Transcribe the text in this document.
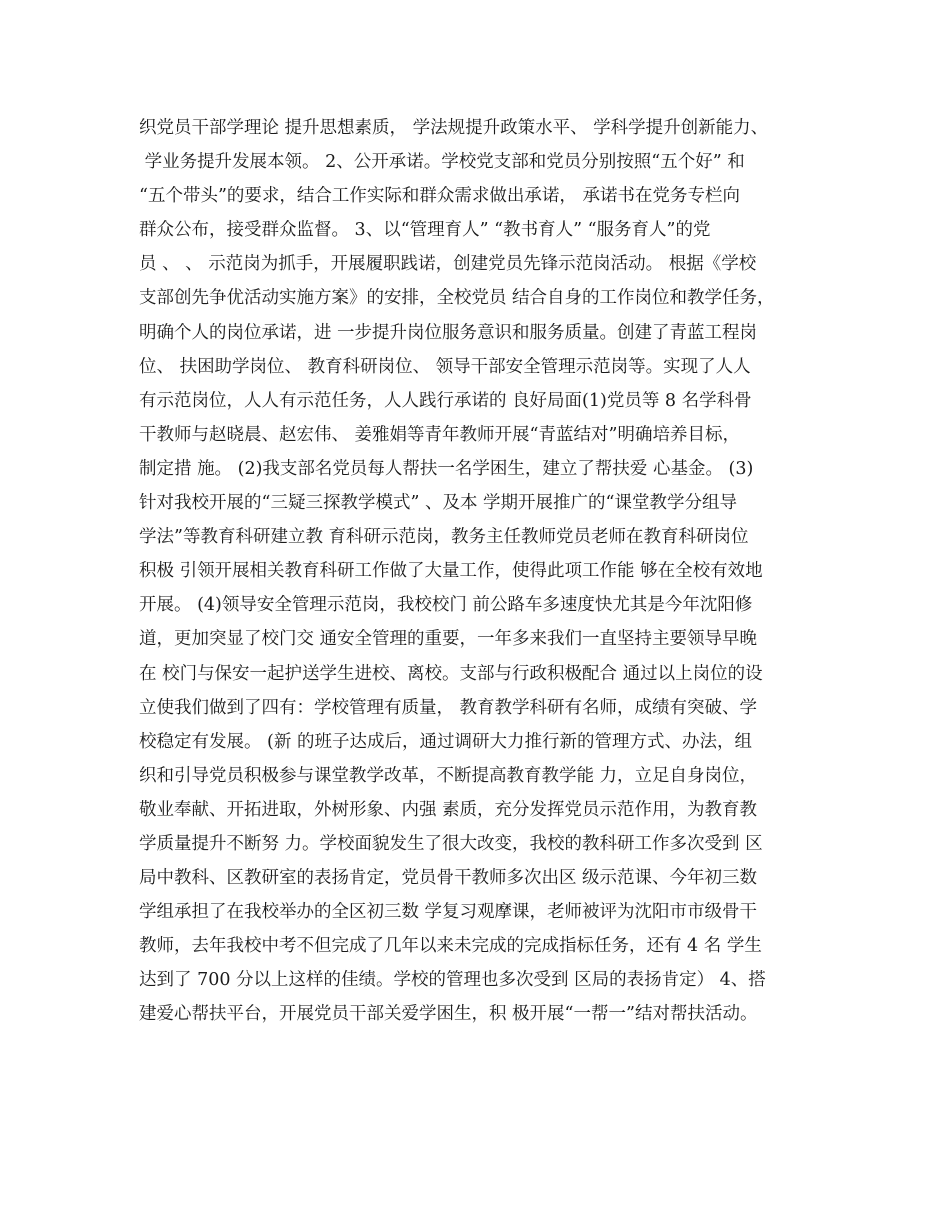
织党员干部学理论 提升思想素质， 学法规提升政策水平、 学科学提升创新能力、
学业务提升发展本领。 2、公开承诺。学校党支部和党员分别按照“五个好” 和
“五个带头”的要求，结合工作实际和群众需求做出承诺， 承诺书在党务专栏向
群众公布，接受群众监督。 3、以“管理育人” “教书育人” “服务育人”的党
员 、 、 示范岗为抓手，开展履职践诺，创建党员先锋示范岗活动。 根据《学校
支部创先争优活动实施方案》的安排，全校党员 结合自身的工作岗位和教学任务，
明确个人的岗位承诺，进 一步提升岗位服务意识和服务质量。创建了青蓝工程岗
位、 扶困助学岗位、 教育科研岗位、 领导干部安全管理示范岗等。实现了人人
有示范岗位，人人有示范任务，人人践行承诺的 良好局面(1)党员等 8 名学科骨
干教师与赵晓晨、赵宏伟、 姜雅娟等青年教师开展“青蓝结对”明确培养目标，
制定措 施。 (2)我支部名党员每人帮扶一名学困生，建立了帮扶爱 心基金。 (3)
针对我校开展的“三疑三探教学模式” 、及本 学期开展推广的“课堂教学分组导
学法”等教育科研建立教 育科研示范岗，教务主任教师党员老师在教育科研岗位
积极 引领开展相关教育科研工作做了大量工作，使得此项工作能 够在全校有效地
开展。 (4)领导安全管理示范岗，我校校门 前公路车多速度快尤其是今年沈阳修
道，更加突显了校门交 通安全管理的重要，一年多来我们一直坚持主要领导早晚
在 校门与保安一起护送学生进校、离校。支部与行政积极配合 通过以上岗位的设
立使我们做到了四有：学校管理有质量， 教育教学科研有名师，成绩有突破、学
校稳定有发展。 (新 的班子达成后，通过调研大力推行新的管理方式、办法，组
织和引导党员积极参与课堂教学改革，不断提高教育教学能 力，立足自身岗位，
敬业奉献、开拓进取，外树形象、内强 素质，充分发挥党员示范作用，为教育教
学质量提升不断努 力。学校面貌发生了很大改变，我校的教科研工作多次受到 区
局中教科、区教研室的表扬肯定，党员骨干教师多次出区 级示范课、今年初三数
学组承担了在我校举办的全区初三数 学复习观摩课，老师被评为沈阳市市级骨干
教师，去年我校中考不但完成了几年以来未完成的完成指标任务，还有 4 名 学生
达到了 700 分以上这样的佳绩。学校的管理也多次受到 区局的表扬肯定） 4、搭
建爱心帮扶平台，开展党员干部关爱学困生，积 极开展“一帮一”结对帮扶活动。
